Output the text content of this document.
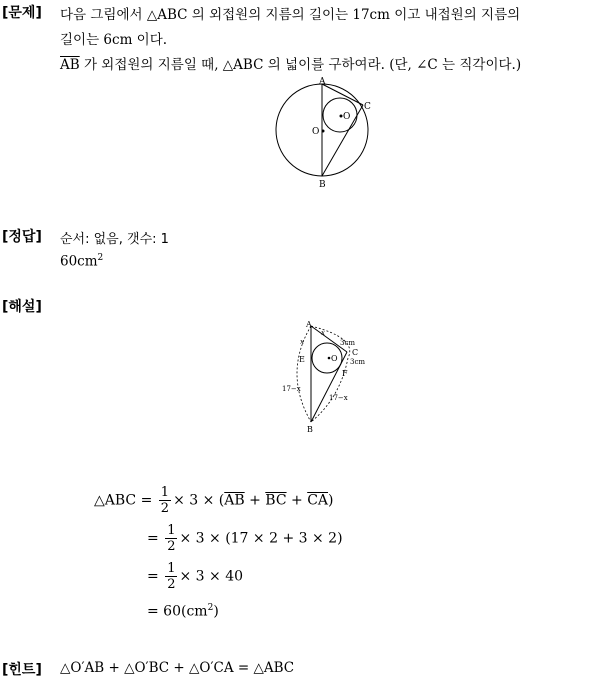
[문제] 다음 그림에서 △ABC 의 외접원의 지름의 길이는 17cm 이고 내접원의 지름의
길이는 6cm 이다.
$\overline{AB}$ 가 외접원의 지름일 때, △ABC 의 넓이를 구하여라. (단, ∠C 는 직각이다.)
A
B
C
O
O
[정답] 순서: 없음, 갯수: 1
$60cm^2$
[해설]
A
B
C
E
F
O
x
x	3cm
3cm
17−x
17−x
△ABC = $\frac{1}{2} \times 3 \times (\overline{AB} + \overline{BC} + \overline{CA})$
= $\frac{1}{2} \times 3 \times (17 \times 2 + 3 \times 2)$
= $\frac{1}{2} \times 3 \times 40$
= $60(cm^2)$
[힌트] △O′AB + △O′BC + △O′CA = △ABC
